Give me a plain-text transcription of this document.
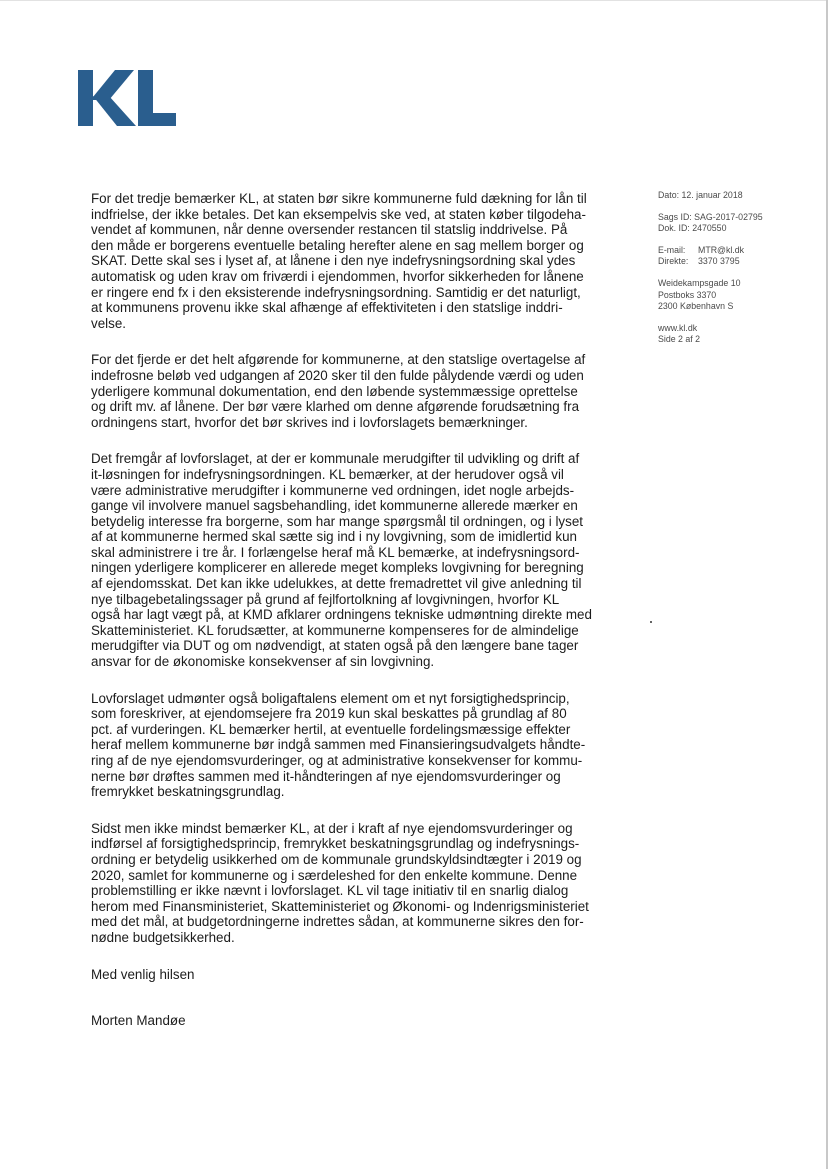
Dato: 12. januar 2018
Sags ID: SAG-2017-02795
Dok. ID: 2470550
E-mail: MTR@kl.dk
Direkte: 3370 3795
Weidekampsgade 10
Postboks 3370
2300 København S
www.kl.dk
Side 2 af 2

For det tredje bemærker KL, at staten bør sikre kommunerne fuld dækning for lån til
indfrielse, der ikke betales. Det kan eksempelvis ske ved, at staten køber tilgodeha-
vendet af kommunen, når denne oversender restancen til statslig inddrivelse. På
den måde er borgerens eventuelle betaling herefter alene en sag mellem borger og
SKAT. Dette skal ses i lyset af, at lånene i den nye indefrysningsordning skal ydes
automatisk og uden krav om friværdi i ejendommen, hvorfor sikkerheden for lånene
er ringere end fx i den eksisterende indefrysningsordning. Samtidig er det naturligt,
at kommunens provenu ikke skal afhænge af effektiviteten i den statslige inddri-
velse.

For det fjerde er det helt afgørende for kommunerne, at den statslige overtagelse af
indefrosne beløb ved udgangen af 2020 sker til den fulde pålydende værdi og uden
yderligere kommunal dokumentation, end den løbende systemmæssige oprettelse
og drift mv. af lånene. Der bør være klarhed om denne afgørende forudsætning fra
ordningens start, hvorfor det bør skrives ind i lovforslagets bemærkninger.

Det fremgår af lovforslaget, at der er kommunale merudgifter til udvikling og drift af
it-løsningen for indefrysningsordningen. KL bemærker, at der herudover også vil
være administrative merudgifter i kommunerne ved ordningen, idet nogle arbejds-
gange vil involvere manuel sagsbehandling, idet kommunerne allerede mærker en
betydelig interesse fra borgerne, som har mange spørgsmål til ordningen, og i lyset
af at kommunerne hermed skal sætte sig ind i ny lovgivning, som de imidlertid kun
skal administrere i tre år. I forlængelse heraf må KL bemærke, at indefrysningsord-
ningen yderligere komplicerer en allerede meget kompleks lovgivning for beregning
af ejendomsskat. Det kan ikke udelukkes, at dette fremadrettet vil give anledning til
nye tilbagebetalingssager på grund af fejlfortolkning af lovgivningen, hvorfor KL
også har lagt vægt på, at KMD afklarer ordningens tekniske udmøntning direkte med
Skatteministeriet. KL forudsætter, at kommunerne kompenseres for de almindelige
merudgifter via DUT og om nødvendigt, at staten også på den længere bane tager
ansvar for de økonomiske konsekvenser af sin lovgivning.

Lovforslaget udmønter også boligaftalens element om et nyt forsigtighedsprincip,
som foreskriver, at ejendomsejere fra 2019 kun skal beskattes på grundlag af 80
pct. af vurderingen. KL bemærker hertil, at eventuelle fordelingsmæssige effekter
heraf mellem kommunerne bør indgå sammen med Finansieringsudvalgets håndte-
ring af de nye ejendomsvurderinger, og at administrative konsekvenser for kommu-
nerne bør drøftes sammen med it-håndteringen af nye ejendomsvurderinger og
fremrykket beskatningsgrundlag.

Sidst men ikke mindst bemærker KL, at der i kraft af nye ejendomsvurderinger og
indførsel af forsigtighedsprincip, fremrykket beskatningsgrundlag og indefrysnings-
ordning er betydelig usikkerhed om de kommunale grundskyldsindtægter i 2019 og
2020, samlet for kommunerne og i særdeleshed for den enkelte kommune. Denne
problemstilling er ikke nævnt i lovforslaget. KL vil tage initiativ til en snarlig dialog
herom med Finansministeriet, Skatteministeriet og Økonomi- og Indenrigsministeriet
med det mål, at budgetordningerne indrettes sådan, at kommunerne sikres den for-
nødne budgetsikkerhed.

Med venlig hilsen

Morten Mandøe
